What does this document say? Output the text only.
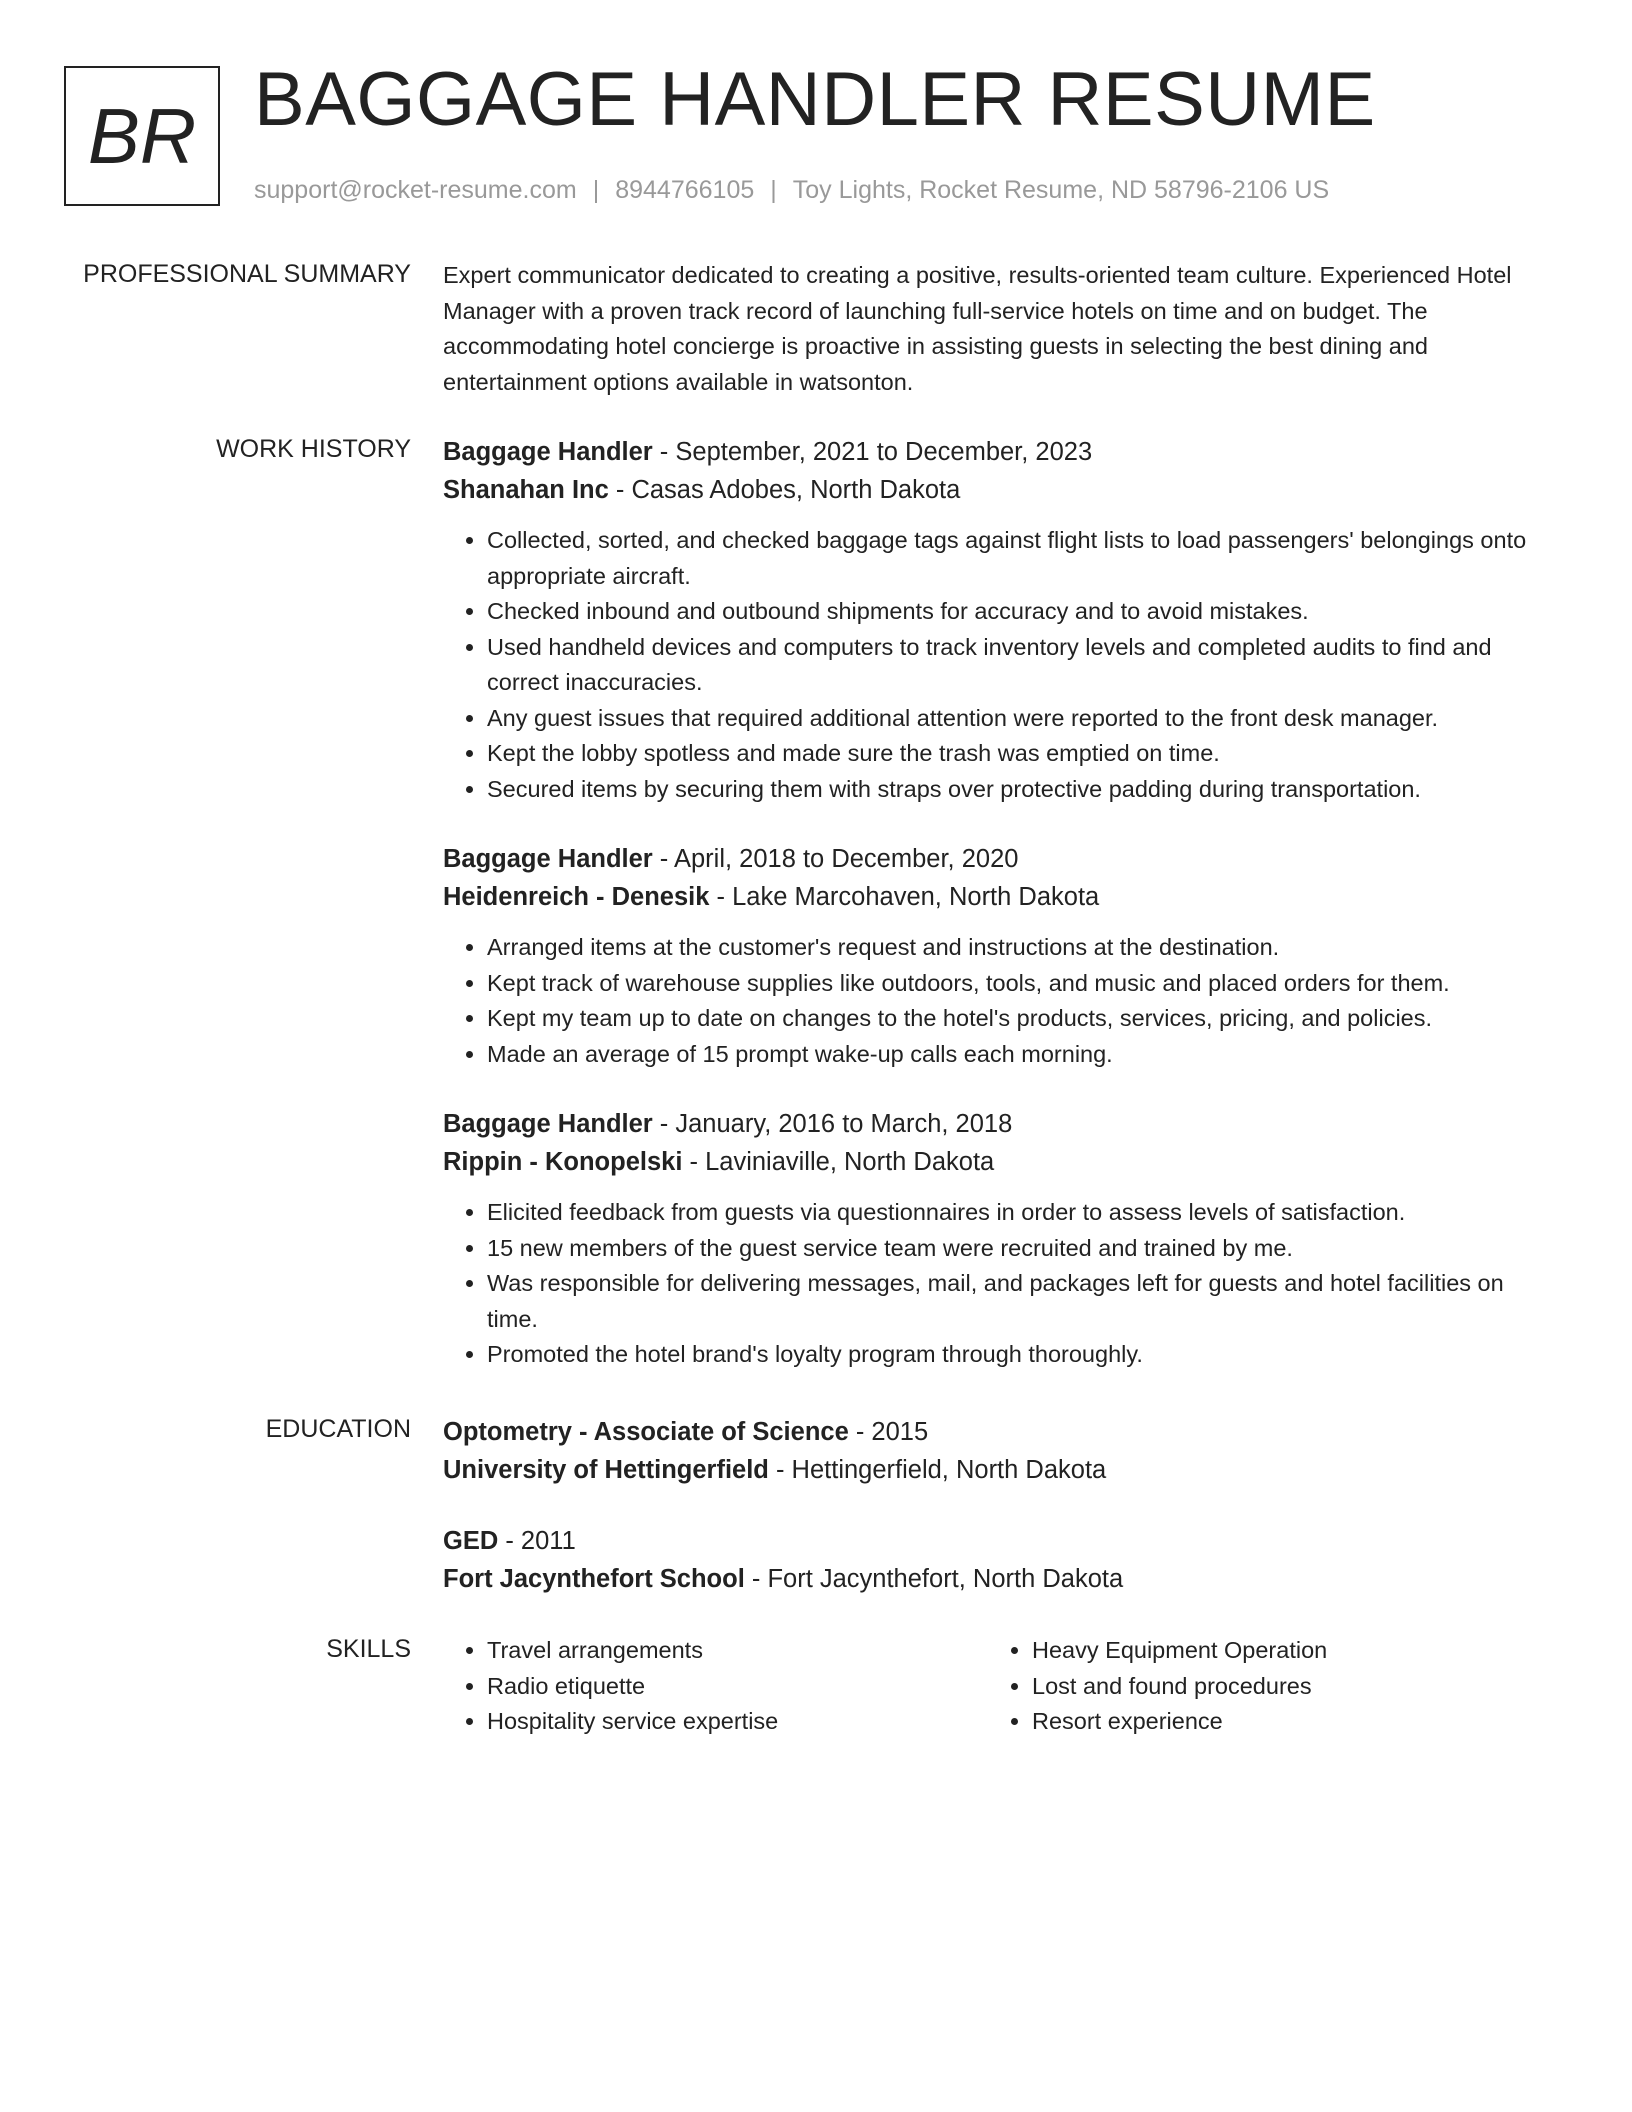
BR BAGGAGE HANDLER RESUME
support@rocket-resume.com | 8944766105 | Toy Lights, Rocket Resume, ND 58796-2106 US
PROFESSIONAL SUMMARY Expert communicator dedicated to creating a positive, results-oriented team culture. Experienced Hotel Manager with a proven track record of launching full-service hotels on time and on budget. The accommodating hotel concierge is proactive in assisting guests in selecting the best dining and entertainment options available in watsonton.

WORK HISTORY Baggage Handler - September, 2021 to December, 2023
Shanahan Inc - Casas Adobes, North Dakota
• Collected, sorted, and checked baggage tags against flight lists to load passengers' belongings onto appropriate aircraft.
• Checked inbound and outbound shipments for accuracy and to avoid mistakes.
• Used handheld devices and computers to track inventory levels and completed audits to find and correct inaccuracies.
• Any guest issues that required additional attention were reported to the front desk manager.
• Kept the lobby spotless and made sure the trash was emptied on time.
• Secured items by securing them with straps over protective padding during transportation.
Baggage Handler - April, 2018 to December, 2020
Heidenreich - Denesik - Lake Marcohaven, North Dakota
• Arranged items at the customer's request and instructions at the destination.
• Kept track of warehouse supplies like outdoors, tools, and music and placed orders for them.
• Kept my team up to date on changes to the hotel's products, services, pricing, and policies.
• Made an average of 15 prompt wake-up calls each morning.
Baggage Handler - January, 2016 to March, 2018
Rippin - Konopelski - Laviniaville, North Dakota
• Elicited feedback from guests via questionnaires in order to assess levels of satisfaction.
• 15 new members of the guest service team were recruited and trained by me.
• Was responsible for delivering messages, mail, and packages left for guests and hotel facilities on time.
• Promoted the hotel brand's loyalty program through thoroughly.
EDUCATION Optometry - Associate of Science - 2015
University of Hettingerfield - Hettingerfield, North Dakota
GED - 2011
Fort Jacynthefort School - Fort Jacynthefort, North Dakota
SKILLS
•	Travel arrangements
• Radio etiquette
• Hospitality service expertise
• Heavy Equipment Operation
• Lost and found procedures
• Resort experience
